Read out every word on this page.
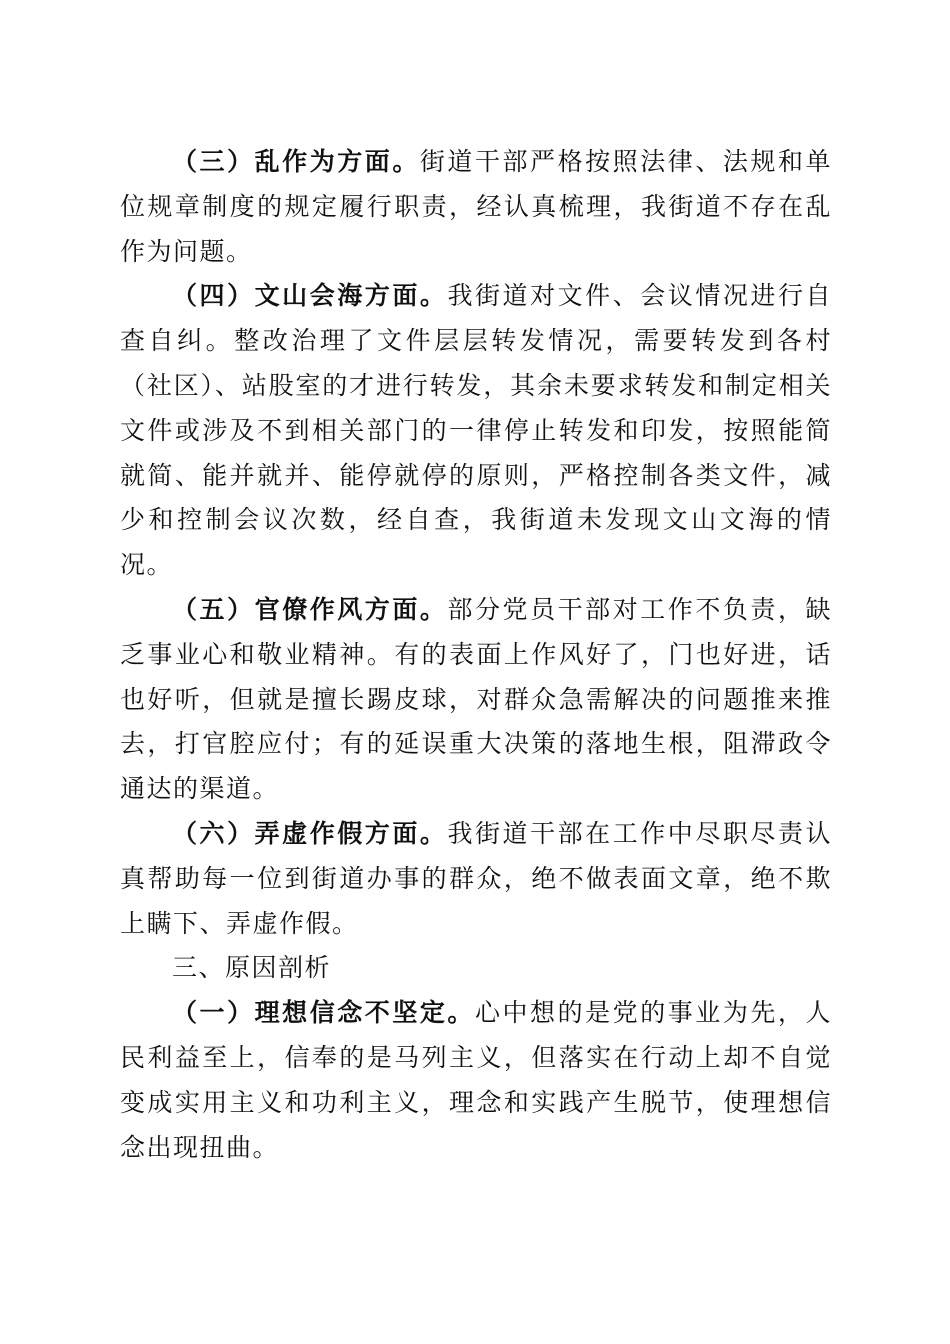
（三）乱作为方面。街道干部严格按照法律、法规和单位规章制度的规定履行职责，经认真梳理，我街道不存在乱作为问题。

（四）文山会海方面。我街道对文件、会议情况进行自查自纠。整改治理了文件层层转发情况，需要转发到各村（社区）、站股室的才进行转发，其余未要求转发和制定相关文件或涉及不到相关部门的一律停止转发和印发，按照能简就简、能并就并、能停就停的原则，严格控制各类文件，减少和控制会议次数，经自查，我街道未发现文山文海的情况。

（五）官僚作风方面。部分党员干部对工作不负责，缺乏事业心和敬业精神。有的表面上作风好了，门也好进，话也好听，但就是擅长踢皮球，对群众急需解决的问题推来推去，打官腔应付；有的延误重大决策的落地生根，阻滞政令通达的渠道。

（六）弄虚作假方面。我街道干部在工作中尽职尽责认真帮助每一位到街道办事的群众，绝不做表面文章，绝不欺上瞒下、弄虚作假。

三、原因剖析

（一）理想信念不坚定。心中想的是党的事业为先，人民利益至上，信奉的是马列主义，但落实在行动上却不自觉变成实用主义和功利主义，理念和实践产生脱节，使理想信念出现扭曲。
